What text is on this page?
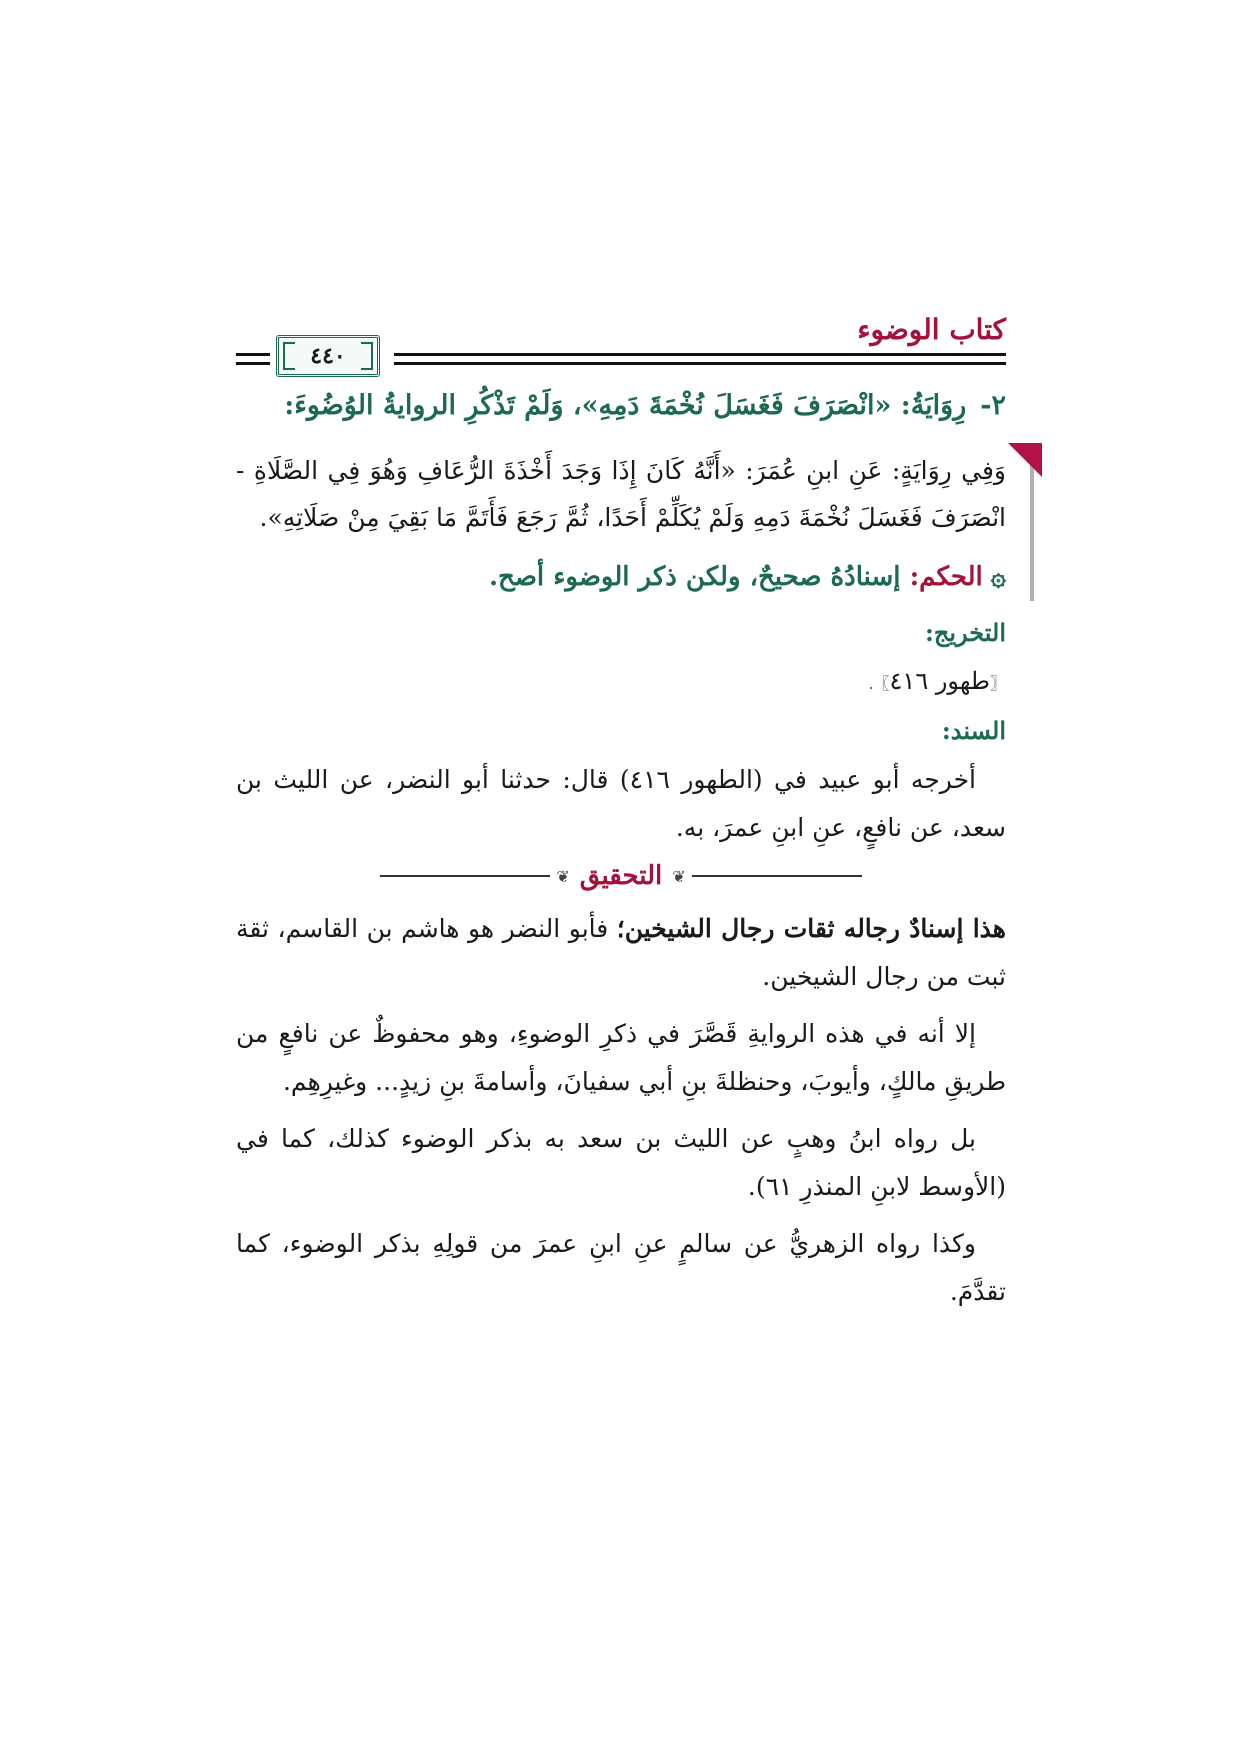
كتاب الوضوء
٤٤٠
٢-رِوَايَةُ: «انْصَرَفَ فَغَسَلَ نُخْمَةَ دَمِهِ»، وَلَمْ تَذْكُرِ الروايةُ الوُضُوءَ:
وَفِي رِوَايَةٍ: عَنِ ابنِ عُمَرَ: «أَنَّهُ كَانَ إِذَا وَجَدَ أَخْذَةَ الرُّعَافِ وَهُوَ فِي الصَّلَاةِ - انْصَرَفَ فَغَسَلَ نُخْمَةَ دَمِهِ وَلَمْ يُكَلِّمْ أَحَدًا، ثُمَّ رَجَعَ فَأَتَمَّ مَا بَقِيَ مِنْ صَلَاتِهِ».
۞الحكم: إسنادُهُ صحيحٌ، ولكن ذكر الوضوء أصح.
التخريج:
〖طهور ٤١٦〗.
السند:

أخرجه أبو عبيد في (الطهور ٤١٦) قال: حدثنا أبو النضر، عن الليث بن سعد، عن نافعٍ، عنِ ابنِ عمرَ، به.

❦
التحقيق
❦

هذا إسنادٌ رجاله ثقات رجال الشيخين؛ فأبو النضر هو هاشم بن القاسم، ثقة ثبت من رجال الشيخين.

إلا أنه في هذه الروايةِ قَصَّرَ في ذكرِ الوضوءِ، وهو محفوظٌ عن نافعٍ من طريقِ مالكٍ، وأيوبَ، وحنظلةَ بنِ أبي سفيانَ، وأسامةَ بنِ زيدٍ... وغيرِهِم.

بل رواه ابنُ وهبٍ عن الليث بن سعد به بذكر الوضوء كذلك، كما في (الأوسط لابنِ المنذرِ ٦١).

وكذا رواه الزهريُّ عن سالمٍ عنِ ابنِ عمرَ من قولِهِ بذكر الوضوء، كما تقدَّمَ.
